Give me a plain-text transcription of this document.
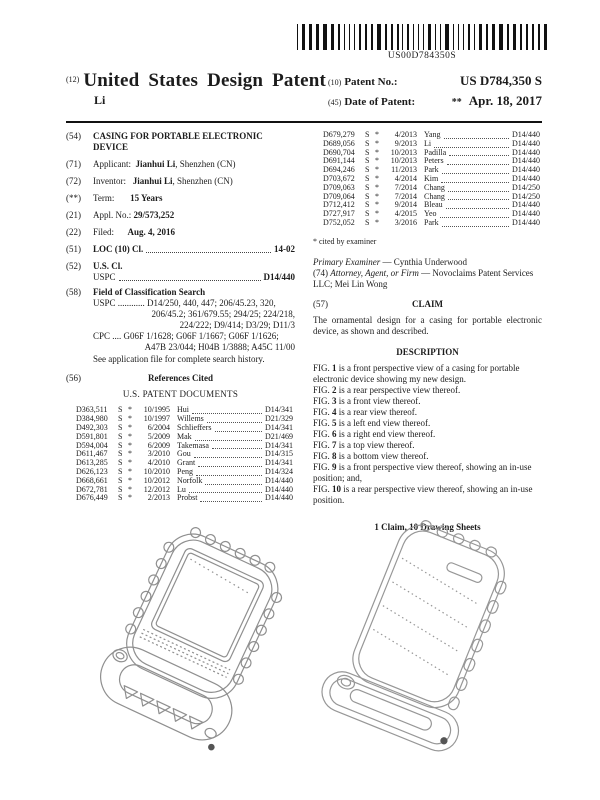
US00D784350S
$^{(12)}$ United States Design Patent
Li
(10) Patent No.:	US D784,350 S
(45) Date of Patent:	** Apr. 18, 2017
(54)	CASING FOR PORTABLE ELECTRONIC DEVICE
(71)	Applicant: Jianhui Li, Shenzhen (CN)
(72)	Inventor: Jianhui Li, Shenzhen (CN)
(**)	Term: 15 Years
(21)	Appl. No.: 29/573,252
(22)	Filed: Aug. 4, 2016
(51)	LOC (10) Cl.	14-02
(52)	U.S. Cl.
USPC	D14/440
(58)	Field of Classification Search
USPC ............ D14/250, 440, 447; 206/45.23, 320,
206/45.2; 361/679.55; 294/25; 224/218,
224/222; D9/414; D3/29; D11/3
CPC .... G06F 1/1628; G06F 1/1667; G06F 1/1626;
A47B 23/044; H04B 1/3888; A45C 11/00
See application file for complete search history.
(56)	References Cited
U.S. PATENT DOCUMENTS
D363,511	S *	10/1995 Hui	D14/341
D384,980	S *	10/1997 Willems	D21/329
D492,303	S *	6/2004 Schlieffers	D14/341
D591,801	S *	5/2009 Mak	D21/469
D594,004	S *	6/2009 Takemasa	D14/341
D611,467	S *	3/2010 Gou	D14/315
D613,285	S *	4/2010 Grant	D14/341
D626,123	S *	10/2010 Peng	D14/324
D668,661	S *	10/2012 Norfolk	D14/440
D672,781	S *	12/2012 Lu	D14/440
D676,449	S *	2/2013 Probst	D14/440
D679,279	S *	4/2013 Yang	D14/440
D689,056	S *	9/2013 Li	D14/440
D690,704	S *	10/2013 Padilla	D14/440
D691,144	S *	10/2013 Peters	D14/440
D694,246	S *	11/2013 Park	D14/440
D703,672	S *	4/2014 Kim	D14/440
D709,063	S *	7/2014 Chang	D14/250
D709,064	S *	7/2014 Chang	D14/250
D712,412	S *	9/2014 Bleau	D14/440
D727,917	S *	4/2015 Yeo	D14/440
D752,052	S *	3/2016 Park	D14/440
* cited by examiner
Primary Examiner — Cynthia Underwood
(74) Attorney, Agent, or Firm — Novoclaims Patent Services LLC; Mei Lin Wong
(57)	CLAIM
The ornamental design for a casing for portable electronic device, as shown and described.
DESCRIPTION

FIG. 1 is a front perspective view of a casing for portable electronic device showing my new design.

FIG. 2 is a rear perspective view thereof.

FIG. 3 is a front view thereof.

FIG. 4 is a rear view thereof.

FIG. 5 is a left end view thereof.

FIG. 6 is a right end view thereof.

FIG. 7 is a top view thereof.

FIG. 8 is a bottom view thereof.

FIG. 9 is a front perspective view thereof, showing an in-use position; and,

FIG. 10 is a rear perspective view thereof, showing an in-use position.

1 Claim, 10 Drawing Sheets
